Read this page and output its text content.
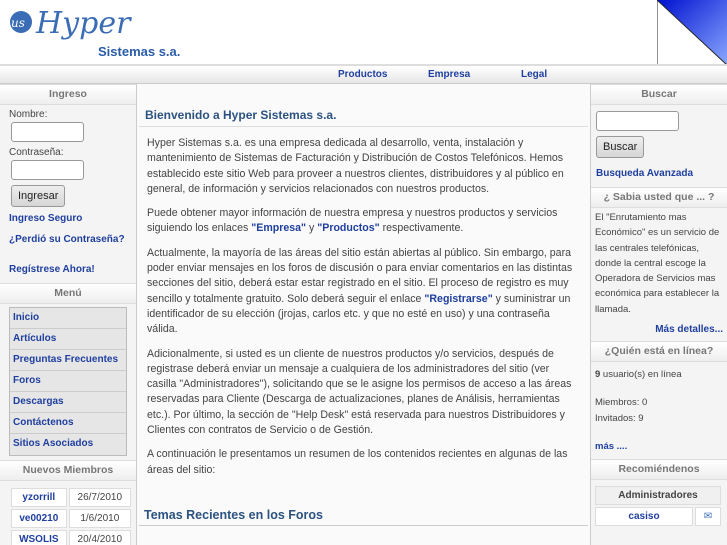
us Hyper
Sistemas s.a.
Productos	Empresa	Legal
Ingreso
Nombre:
Contraseña:
Ingresar
Ingreso Seguro
¿Perdió su Contraseña?
Regístrese Ahora!
Menú
Inicio
Artículos
Preguntas Frecuentes
Foros
Descargas
Contáctenos
Sitios Asociados
Nuevos Miembros
yzorrill	26/7/2010
ve00210	1/6/2010
WSOLIS	20/4/2010
Bienvenido a Hyper Sistemas s.a.

Hyper Sistemas s.a. es una empresa dedicada al desarrollo, venta, instalación y mantenimiento de Sistemas de Facturación y Distribución de Costos Telefónicos. Hemos establecido este sitio Web para proveer a nuestros clientes, distribuidores y al público en general, de información y servicios relacionados con nuestros productos.

Puede obtener mayor información de nuestra empresa y nuestros productos y servicios siguiendo los enlaces "Empresa" y "Productos" respectivamente.

Actualmente, la mayoría de las áreas del sitio están abiertas al público. Sin embargo, para poder enviar mensajes en los foros de discusión o para enviar comentarios en las distintas secciones del sitio, deberá estar estar registrado en el sitio. El proceso de registro es muy sencillo y totalmente gratuito. Solo deberá seguir el enlace "Registrarse" y suministrar un identificador de su elección (jrojas, carlos etc. y que no esté en uso) y una contraseña válida.

Adicionalmente, si usted es un cliente de nuestros productos y/o servicios, después de registrase deberá enviar un mensaje a cualquiera de los administradores del sitio (ver casilla "Administradores"), solicitando que se le asigne los permisos de acceso a las áreas reservadas para Cliente (Descarga de actualizaciones, planes de Análisis, herramientas etc.). Por último, la sección de "Help Desk" está reservada para nuestros Distribuidores y Clientes con contratos de Servicio o de Gestión.

A continuación le presentamos un resumen de los contenidos recientes en algunas de las áreas del sitio:

Temas Recientes en los Foros
Buscar
Buscar
Busqueda Avanzada
¿ Sabia usted que ... ?
El "Enrutamiento mas Económico" es un servicio de las centrales telefónicas, donde la central escoge la Operadora de Servicios mas económica para establecer la llamada.
Más detalles...
¿Quién está en línea?
9 usuario(s) en línea
Miembros: 0
Invitados: 9
más ....
Recomiéndenos
Administradores
casiso	✉
